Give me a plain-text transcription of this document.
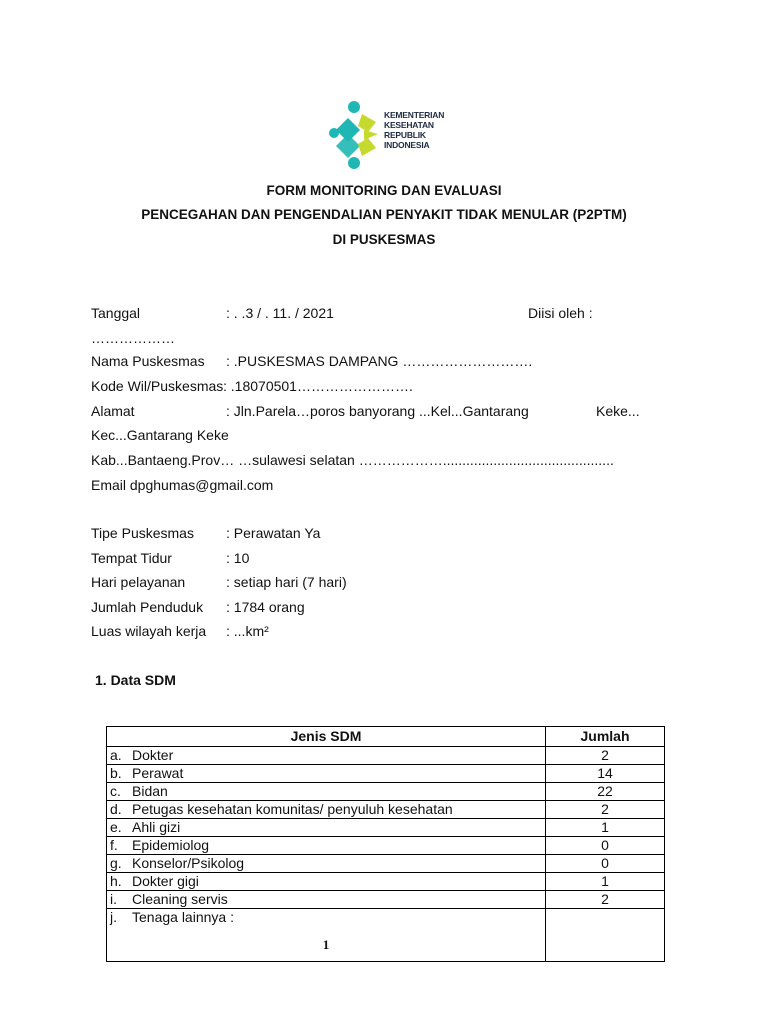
KEMENTERIAN
KESEHATAN
REPUBLIK
INDONESIA
FORM MONITORING DAN EVALUASI
PENCEGAHAN DAN PENGENDALIAN PENYAKIT TIDAK MENULAR (P2PTM)
DI PUSKESMAS
Tanggal	: . .3 / . 11. / 2021	Diisi oleh :
………………
Nama Puskesmas : .PUSKESMAS DAMPANG ……………………….
Kode Wil/Puskesmas : .18070501…………………….
Alamat	: Jln.Parela…poros banyorang ...Kel...Gantarang	Keke...
Kec...Gantarang Keke
Kab...Bantaeng.Prov… …sulawesi selatan ………………............................................
Email dpghumas@gmail.com
Tipe Puskesmas : Perawatan Ya
Tempat Tidur	: 10
Hari pelayanan	: setiap hari (7 hari)
Jumlah Penduduk : 1784 orang
Luas wilayah kerja : ...km²
1. Data SDM
Jenis SDM	Jumlah
a. Dokter	2
b. Perawat	14
c. Bidan	22
d. Petugas kesehatan komunitas/ penyuluh kesehatan	2
e. Ahli gizi	1
f. Epidemiolog	0
g. Konselor/Psikolog	0
h. Dokter gigi	1
i. Cleaning servis	2
j. Tenaga lainnya :
1	
